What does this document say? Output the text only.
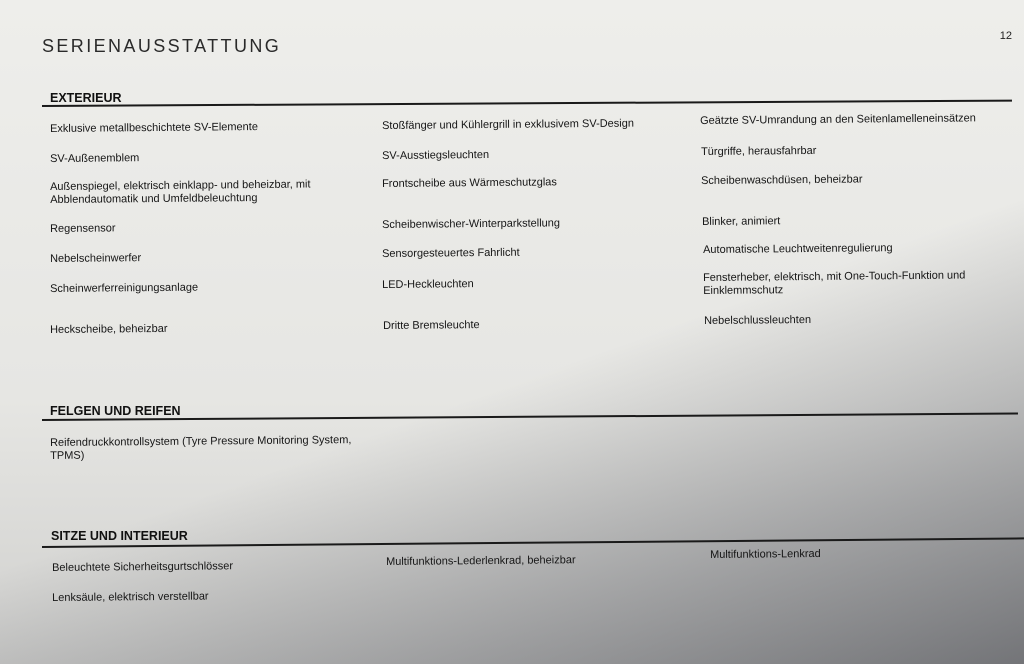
SERIENAUSSTATTUNG	12
EXTERIEUR
Exklusive metallbeschichtete SV-Elemente
SV-Außenemblem
Außenspiegel, elektrisch einklapp- und beheizbar, mit Abblendautomatik und Umfeldbeleuchtung
Regensensor
Nebelscheinwerfer
Scheinwerferreinigungsanlage
Heckscheibe, beheizbar
Stoßfänger und Kühlergrill in exklusivem SV-Design
SV-Ausstiegsleuchten
Frontscheibe aus Wärmeschutzglas
Scheibenwischer-Winterparkstellung
Sensorgesteuertes Fahrlicht
LED-Heckleuchten
Dritte Bremsleuchte
Geätzte SV-Umrandung an den Seitenlamelleneinsätzen
Türgriffe, herausfahrbar
Scheibenwaschdüsen, beheizbar
Blinker, animiert
Automatische Leuchtweitenregulierung
Fensterheber, elektrisch, mit One-Touch-Funktion und Einklemmschutz
Nebelschlussleuchten
FELGEN UND REIFEN
Reifendruckkontrollsystem (Tyre Pressure Monitoring System, TPMS)
SITZE UND INTERIEUR
Beleuchtete Sicherheitsgurtschlösser
Lenksäule, elektrisch verstellbar
Multifunktions-Lederlenkrad, beheizbar	Multifunktions-Lenkrad
